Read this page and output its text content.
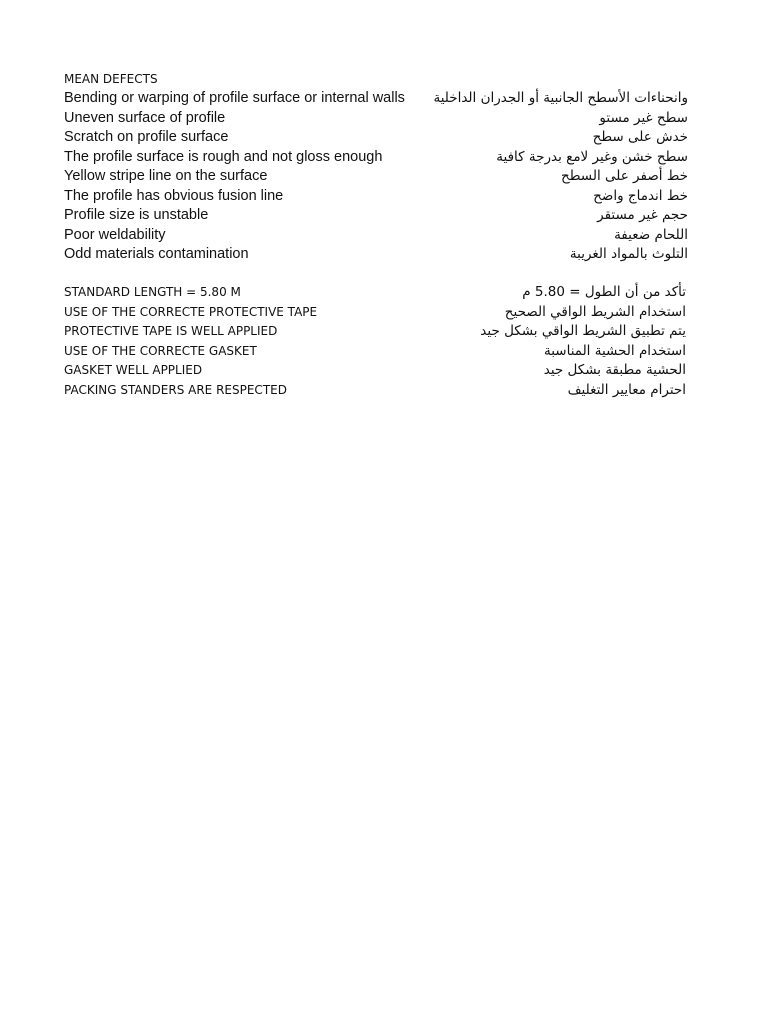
MEAN DEFECTS
Bending or warping of profile surface or internal walls وانحناءات الأسطح الجانبية أو الجدران الداخلية
Uneven surface of profile	سطح غير مستو
Scratch on profile surface	خدش على سطح
The profile surface is rough and not gloss enough	سطح خشن وغير لامع بدرجة كافية
Yellow stripe line on the surface	خط أصفر على السطح
The profile has obvious fusion line	خط اندماج واضح
Profile size is unstable	حجم غير مستقر
Poor weldability	اللحام ضعيفة
Odd materials contamination	التلوث بالمواد الغريبة
STANDARD LENGTH = 5.80 M	تأكد من أن الطول = 5.80 م
USE OF THE CORRECTE PROTECTIVE TAPE	استخدام الشريط الواقي الصحيح
PROTECTIVE TAPE IS WELL APPLIED	يتم تطبيق الشريط الواقي بشكل جيد
USE OF THE CORRECTE GASKET	استخدام الحشية المناسبة
GASKET WELL APPLIED	الحشية مطبقة بشكل جيد
PACKING STANDERS ARE RESPECTED	احترام معايير التغليف
